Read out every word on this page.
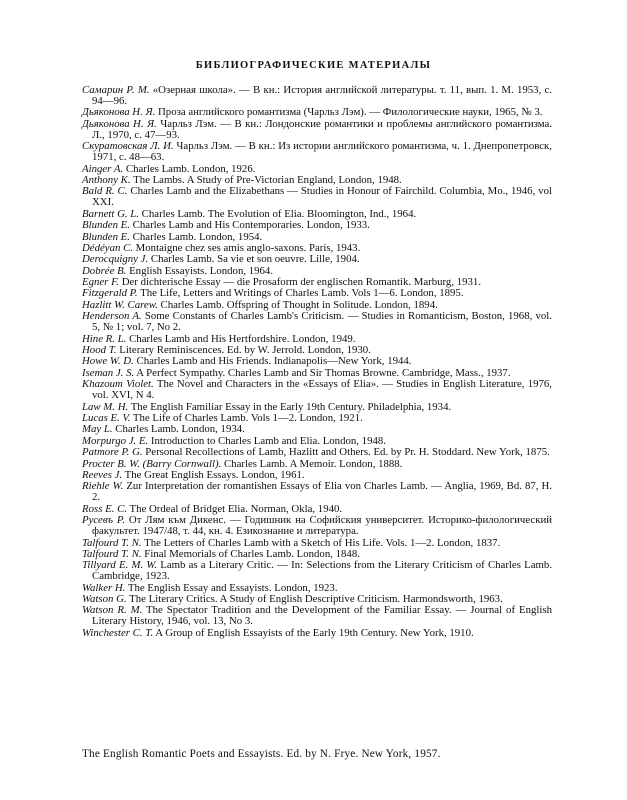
БИБЛИОГРАФИЧЕСКИЕ МАТЕРИАЛЫ
Самарин Р. М. «Озерная школа». — В кн.: История английской литературы. т. 11, вып. 1. М. 1953, с. 94—96.
Дьяконова Н. Я. Проза английского романтизма (Чарльз Лэм). — Филологические науки, 1965, № 3.
Дьяконова Н. Я. Чарльз Лэм. — В кн.: Лондонские романтики и проблемы английского романтизма. Л., 1970, с. 47—93.
Скуратовская Л. И. Чарльз Лэм. — В кн.: Из истории английского романтизма, ч. 1. Днепропетровск, 1971, с. 48—63.
Ainger A. Charles Lamb. London, 1926.
Anthony K. The Lambs. A Study of Pre-Victorian England, London, 1948.
Bald R. C. Charles Lamb and the Elizabethans — Studies in Honour of Fairchild. Columbia, Mo., 1946, vol XXI.
Barnett G. L. Charles Lamb. The Evolution of Elia. Bloomington, Ind., 1964.
Blunden E. Charles Lamb and His Contemporaries. London, 1933.
Blunden E. Charles Lamb. London, 1954.
Dédéyan C. Montaigne chez ses amis anglo-saxons. Paris, 1943.
Derocquigny J. Charles Lamb. Sa vie et son oeuvre. Lille, 1904.
Dobrée B. English Essayists. London, 1964.
Egner F. Der dichterische Essay — die Prosaform der englischen Romantik. Marburg, 1931.
Fitzgerald P. The Life, Letters and Writings of Charles Lamb. Vols 1—6. London, 1895.
Hazlitt W. Carew. Charles Lamb. Offspring of Thought in Solitude. London, 1894.
Henderson A. Some Constants of Charles Lamb's Criticism. — Studies in Romanticism, Boston, 1968, vol. 5, № 1; vol. 7, No 2.
Hine R. L. Charles Lamb and His Hertfordshire. London, 1949.
Hood T. Literary Reminiscences. Ed. by W. Jerrold. London, 1930.
Howe W. D. Charles Lamb and His Friends. Indianapolis—New York, 1944.
Iseman J. S. A Perfect Sympathy. Charles Lamb and Sir Thomas Browne. Cambridge, Mass., 1937.
Khazoum Violet. The Novel and Characters in the «Essays of Elia». — Studies in English Literature, 1976, vol. XVI, N 4.
Law M. H. The English Familiar Essay in the Early 19th Century. Philadelphia, 1934.
Lucas E. V. The Life of Charles Lamb. Vols 1—2. London, 1921.
May L. Charles Lamb. London, 1934.
Morpurgo J. E. Introduction to Charles Lamb and Elia. London, 1948.
Patmore P. G. Personal Recollections of Lamb, Hazlitt and Others. Ed. by Pr. H. Stoddard. New York, 1875.
Procter B. W. (Barry Cornwall). Charles Lamb. A Memoir. London, 1888.
Reeves J. The Great English Essays. London, 1961.
Riehle W. Zur Interpretation der romantishen Essays of Elia von Charles Lamb. — Anglia, 1969, Bd. 87, H. 2.
Ross E. C. The Ordeal of Bridget Elia. Norman, Okla, 1940.
Русевъ Р. От Лям към Дикенс. — Годишник на Софийския университет. Историко-филологический факультет. 1947/48, т. 44, кн. 4. Езикознание и литература.
Talfourd T. N. The Letters of Charles Lamb with a Sketch of His Life. Vols. 1—2. London, 1837.
Talfourd T. N. Final Memorials of Charles Lamb. London, 1848.
Tillyard E. M. W. Lamb as a Literary Critic. — In: Selections from the Literary Criticism of Charles Lamb. Cambridge, 1923.
Walker H. The English Essay and Essayists. London, 1923.
Watson G. The Literary Critics. A Study of English Descriptive Criticism. Harmondsworth, 1963.
Watson R. M. The Spectator Tradition and the Development of the Familiar Essay. — Journal of English Literary History, 1946, vol. 13, No 3.
Winchester C. T. A Group of English Essayists of the Early 19th Century. New York, 1910.
The English Romantic Poets and Essayists. Ed. by N. Frye. New York, 1957.
